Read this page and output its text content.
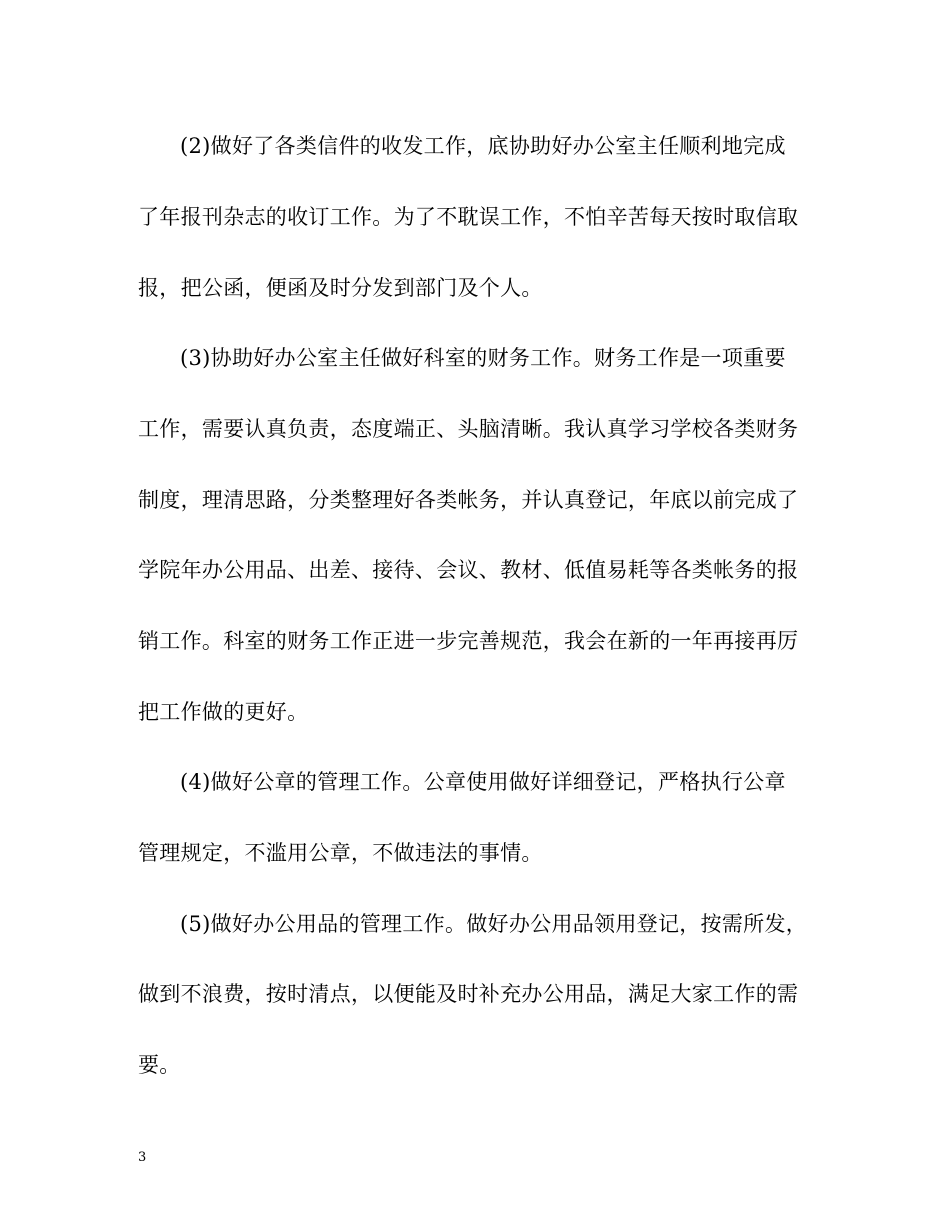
(2)做好了各类信件的收发工作，底协助好办公室主任顺利地完成
了年报刊杂志的收订工作。为了不耽误工作，不怕辛苦每天按时取信取
报，把公函，便函及时分发到部门及个人。
(3)协助好办公室主任做好科室的财务工作。财务工作是一项重要
工作，需要认真负责，态度端正、头脑清晰。我认真学习学校各类财务
制度，理清思路，分类整理好各类帐务，并认真登记，年底以前完成了
学院年办公用品、出差、接待、会议、教材、低值易耗等各类帐务的报
销工作。科室的财务工作正进一步完善规范，我会在新的一年再接再厉
把工作做的更好。
(4)做好公章的管理工作。公章使用做好详细登记，严格执行公章
管理规定，不滥用公章，不做违法的事情。
(5)做好办公用品的管理工作。做好办公用品领用登记，按需所发，
做到不浪费，按时清点，以便能及时补充办公用品，满足大家工作的需
要。
3
